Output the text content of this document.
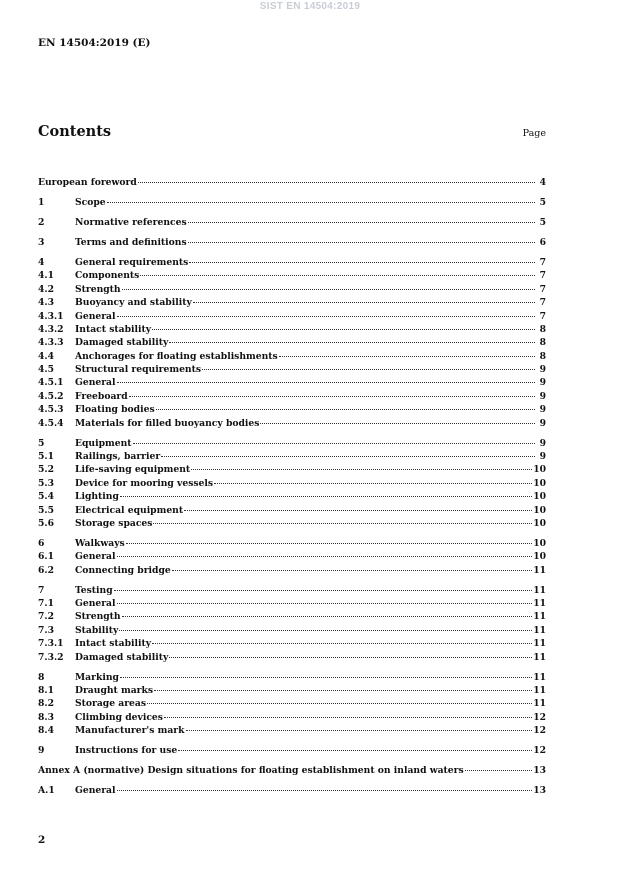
SIST EN 14504:2019
EN 14504:2019 (E)
Contents	Page
European foreword	4
1	Scope	5
2	Normative references	5
3	Terms and definitions	6
4	General requirements	7
4.1	Components	7
4.2	Strength	7
4.3	Buoyancy and stability	7
4.3.1	General	7
4.3.2	Intact stability	8
4.3.3	Damaged stability	8
4.4	Anchorages for floating establishments	8
4.5	Structural requirements	9
4.5.1	General	9
4.5.2	Freeboard	9
4.5.3	Floating bodies	9
4.5.4	Materials for filled buoyancy bodies	9
5	Equipment	9
5.1	Railings, barrier	9
5.2	Life-saving equipment	10
5.3	Device for mooring vessels	10
5.4	Lighting	10
5.5	Electrical equipment	10
5.6	Storage spaces	10
6	Walkways	10
6.1	General	10
6.2	Connecting bridge	11
7	Testing	11
7.1	General	11
7.2	Strength	11
7.3	Stability	11
7.3.1	Intact stability	11
7.3.2	Damaged stability	11
8	Marking	11
8.1	Draught marks	11
8.2	Storage areas	11
8.3	Climbing devices	12
8.4	Manufacturer's mark	12
9	Instructions for use	12
Annex A (normative) Design situations for floating establishment on inland waters	13
A.1	General	13
2
